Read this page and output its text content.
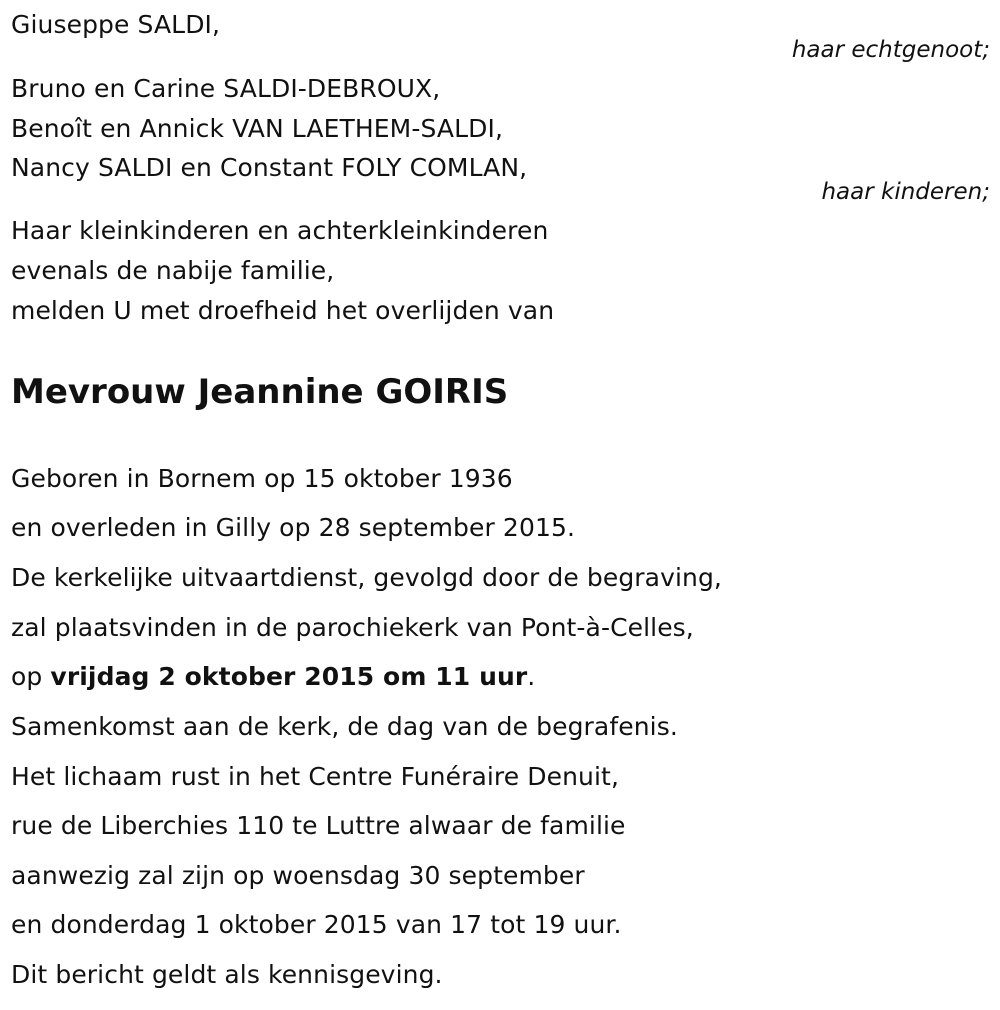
Giuseppe SALDI,
haar echtgenoot;
Bruno en Carine SALDI-DEBROUX,
Benoît en Annick VAN LAETHEM-SALDI,
Nancy SALDI en Constant FOLY COMLAN,
haar kinderen;
Haar kleinkinderen en achterkleinkinderen
evenals de nabije familie,
melden U met droefheid het overlijden van
Mevrouw Jeannine GOIRIS
Geboren in Bornem op 15 oktober 1936
en overleden in Gilly op 28 september 2015.
De kerkelijke uitvaartdienst, gevolgd door de begraving,
zal plaatsvinden in de parochiekerk van Pont-à-Celles,
op vrijdag 2 oktober 2015 om 11 uur.
Samenkomst aan de kerk, de dag van de begrafenis.
Het lichaam rust in het Centre Funéraire Denuit,
rue de Liberchies 110 te Luttre alwaar de familie
aanwezig zal zijn op woensdag 30 september
en donderdag 1 oktober 2015 van 17 tot 19 uur.
Dit bericht geldt als kennisgeving.
